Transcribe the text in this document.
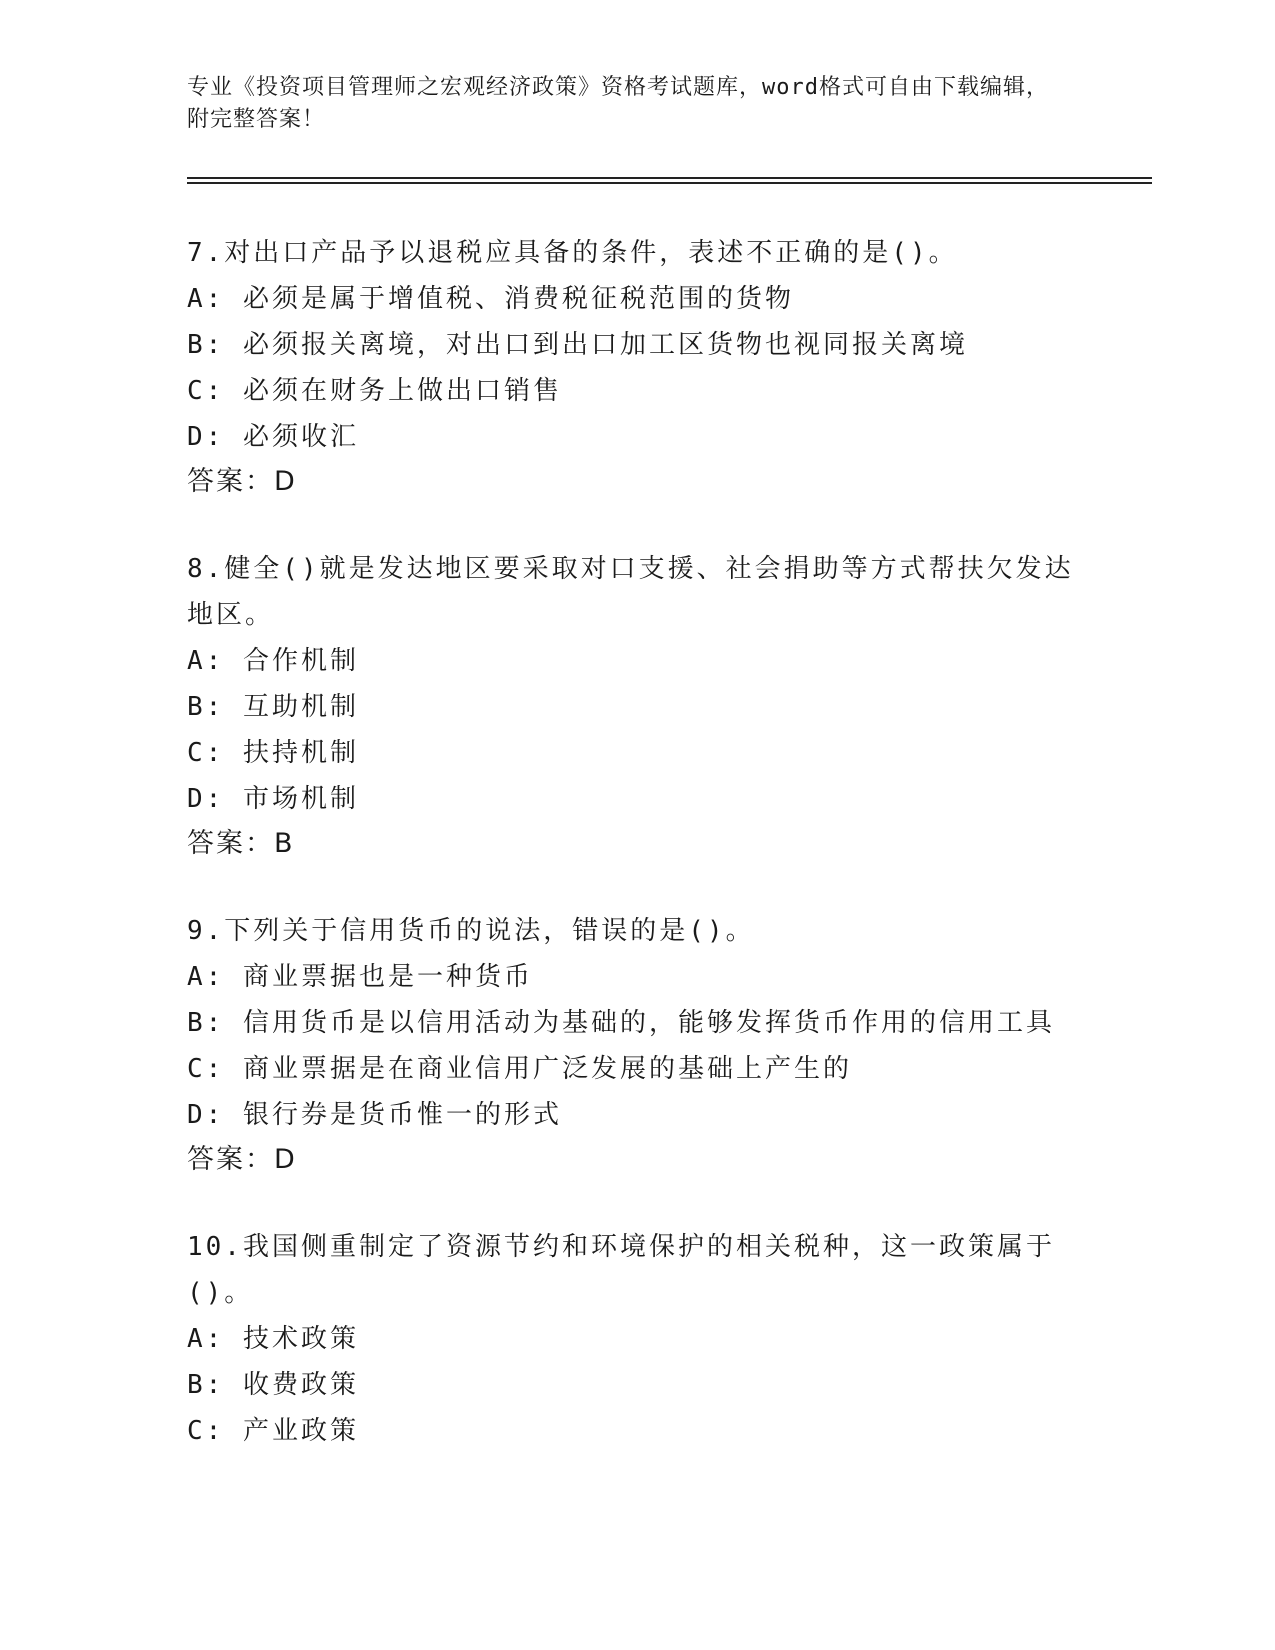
专业《投资项目管理师之宏观经济政策》资格考试题库，word格式可自由下载编辑，附完整答案！

7.对出口产品予以退税应具备的条件，表述不正确的是()。

A: 必须是属于增值税、消费税征税范围的货物

B: 必须报关离境，对出口到出口加工区货物也视同报关离境

C: 必须在财务上做出口销售

D: 必须收汇

答案：D

8.健全()就是发达地区要采取对口支援、社会捐助等方式帮扶欠发达地区。

A: 合作机制

B: 互助机制

C: 扶持机制

D: 市场机制

答案：B

9.下列关于信用货币的说法，错误的是()。

A: 商业票据也是一种货币

B: 信用货币是以信用活动为基础的，能够发挥货币作用的信用工具

C: 商业票据是在商业信用广泛发展的基础上产生的

D: 银行券是货币惟一的形式

答案：D

10.我国侧重制定了资源节约和环境保护的相关税种，这一政策属于()。

A: 技术政策

B: 收费政策

C: 产业政策
